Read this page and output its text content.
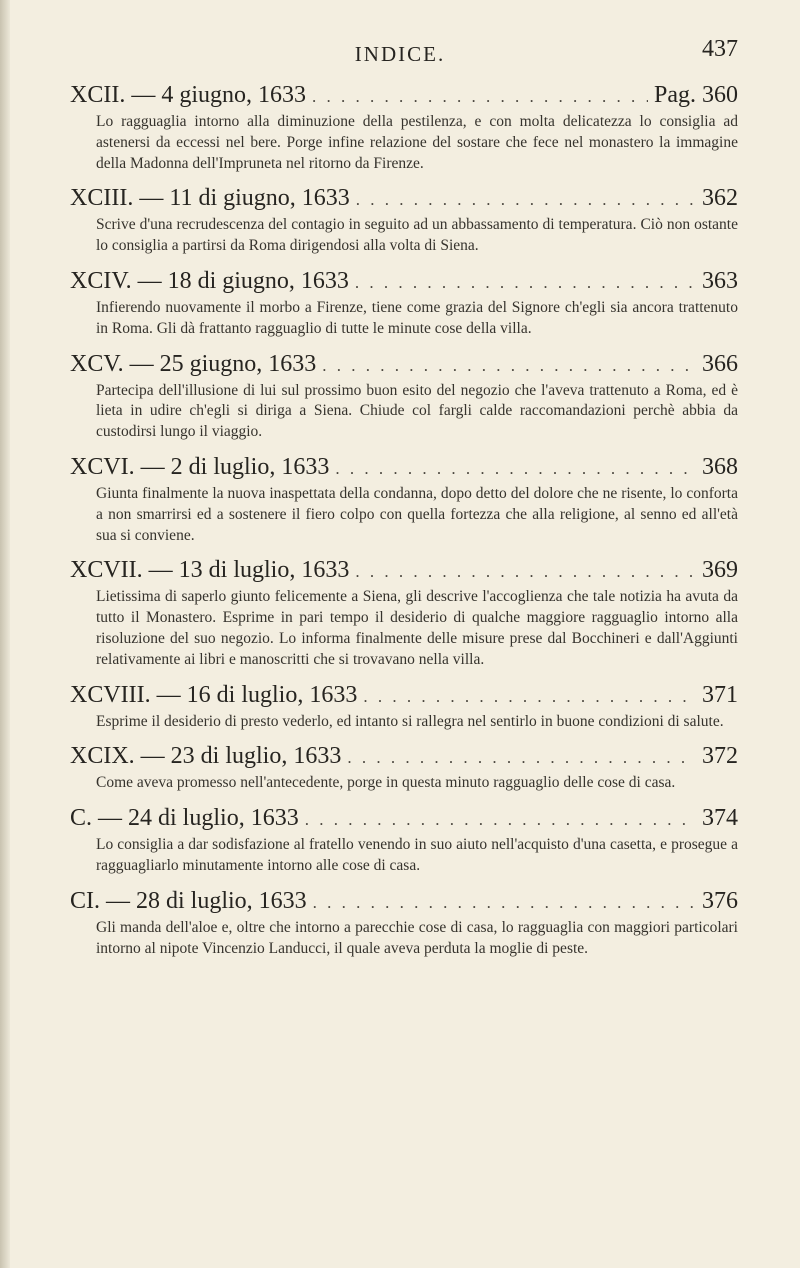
INDICE.	437
XCII. — 4 giugno, 1633 . . .	Pag. 360

Lo ragguaglia intorno alla diminuzione della pestilenza, e con molta delicatezza lo consiglia ad astenersi da eccessi nel bere. Porge infine relazione del sostare che fece nel monastero la immagine della Madonna dell'Impruneta nel ritorno da Firenze.

XCIII. — 11 di giugno, 1633 . . .	362

Scrive d'una recrudescenza del contagio in seguito ad un abbassamento di temperatura. Ciò non ostante lo consiglia a partirsi da Roma dirigendosi alla volta di Siena.

XCIV. — 18 di giugno, 1633 . . .	363

Infierendo nuovamente il morbo a Firenze, tiene come grazia del Signore ch'egli sia ancora trattenuto in Roma. Gli dà frattanto ragguaglio di tutte le minute cose della villa.

XCV. — 25 giugno, 1633 . . .	366

Partecipa dell'illusione di lui sul prossimo buon esito del negozio che l'aveva trattenuto a Roma, ed è lieta in udire ch'egli si diriga a Siena. Chiude col fargli calde raccomandazioni perchè abbia da custodirsi lungo il viaggio.

XCVI. — 2 di luglio, 1633 . . .	368

Giunta finalmente la nuova inaspettata della condanna, dopo detto del dolore che ne risente, lo conforta a non smarrirsi ed a sostenere il fiero colpo con quella fortezza che alla religione, al senno ed all'età sua si conviene.

XCVII. — 13 di luglio, 1633 . . .	369

Lietissima di saperlo giunto felicemente a Siena, gli descrive l'accoglienza che tale notizia ha avuta da tutto il Monastero. Esprime in pari tempo il desiderio di qualche maggiore ragguaglio intorno alla risoluzione del suo negozio. Lo informa finalmente delle misure prese dal Bocchineri e dall'Aggiunti relativamente ai libri e manoscritti che si trovavano nella villa.

XCVIII. — 16 di luglio, 1633 . . .	371

Esprime il desiderio di presto vederlo, ed intanto si rallegra nel sentirlo in buone condizioni di salute.

XCIX. — 23 di luglio, 1633 . . .	372

Come aveva promesso nell'antecedente, porge in questa minuto ragguaglio delle cose di casa.

C. — 24 di luglio, 1633 . . .	374

Lo consiglia a dar sodisfazione al fratello venendo in suo aiuto nell'acquisto d'una casetta, e prosegue a ragguagliarlo minutamente intorno alle cose di casa.

CI. — 28 di luglio, 1633 . . .	376

Gli manda dell'aloe e, oltre che intorno a parecchie cose di casa, lo ragguaglia con maggiori particolari intorno al nipote Vincenzio Landucci, il quale aveva perduta la moglie di peste.
